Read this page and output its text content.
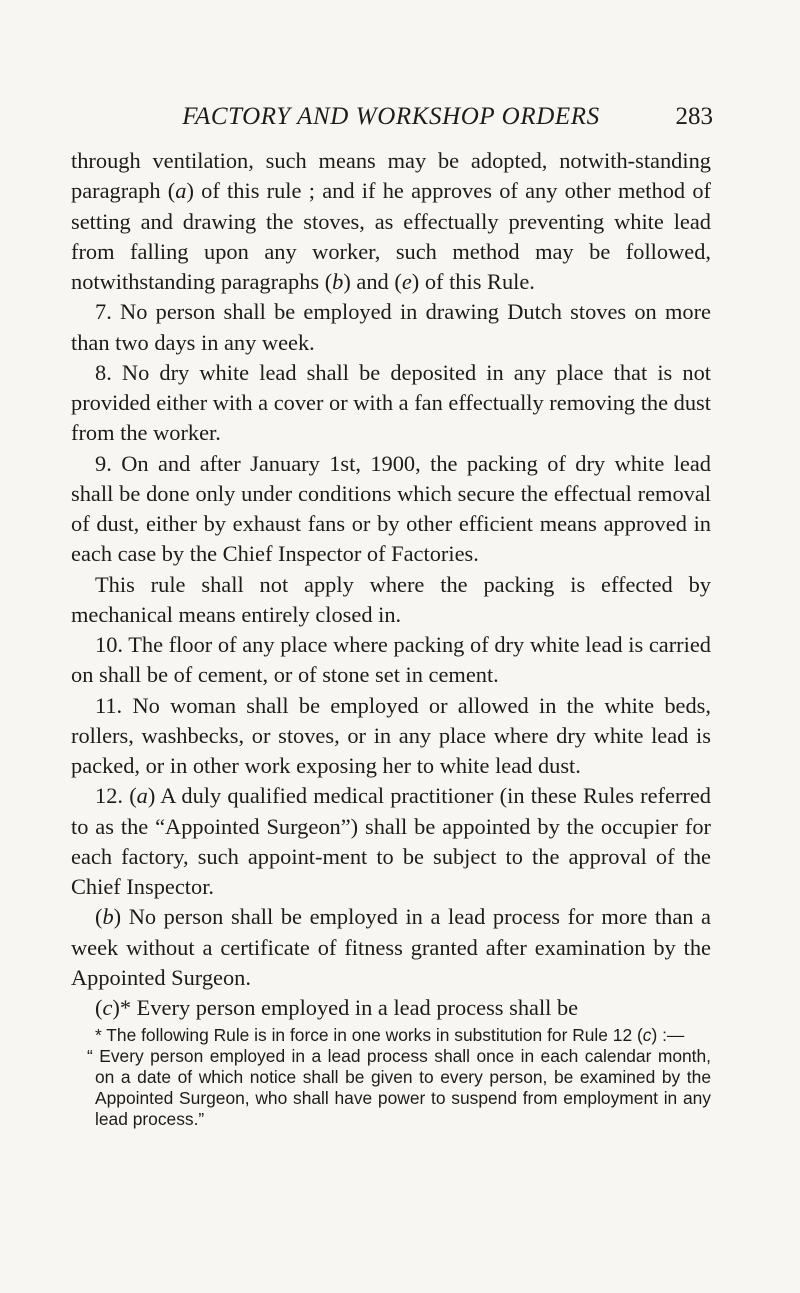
FACTORY AND WORKSHOP ORDERS	283

through ventilation, such means may be adopted, notwith-standing paragraph (a) of this rule ; and if he approves of any other method of setting and drawing the stoves, as effectually preventing white lead from falling upon any worker, such method may be followed, notwithstanding paragraphs (b) and (e) of this Rule.

7. No person shall be employed in drawing Dutch stoves on more than two days in any week.

8. No dry white lead shall be deposited in any place that is not provided either with a cover or with a fan effectually removing the dust from the worker.

9. On and after January 1st, 1900, the packing of dry white lead shall be done only under conditions which secure the effectual removal of dust, either by exhaust fans or by other efficient means approved in each case by the Chief Inspector of Factories.

This rule shall not apply where the packing is effected by mechanical means entirely closed in.

10. The floor of any place where packing of dry white lead is carried on shall be of cement, or of stone set in cement.

11. No woman shall be employed or allowed in the white beds, rollers, washbecks, or stoves, or in any place where dry white lead is packed, or in other work exposing her to white lead dust.

12. (a) A duly qualified medical practitioner (in these Rules referred to as the “Appointed Surgeon”) shall be appointed by the occupier for each factory, such appoint-ment to be subject to the approval of the Chief Inspector.

(b) No person shall be employed in a lead process for more than a week without a certificate of fitness granted after examination by the Appointed Surgeon.

(c)* Every person employed in a lead process shall be

* The following Rule is in force in one works in substitution for Rule 12 (c) :—

“ Every person employed in a lead process shall once in each calendar month, on a date of which notice shall be given to every person, be examined by the Appointed Surgeon, who shall have power to suspend from employment in any lead process.”
